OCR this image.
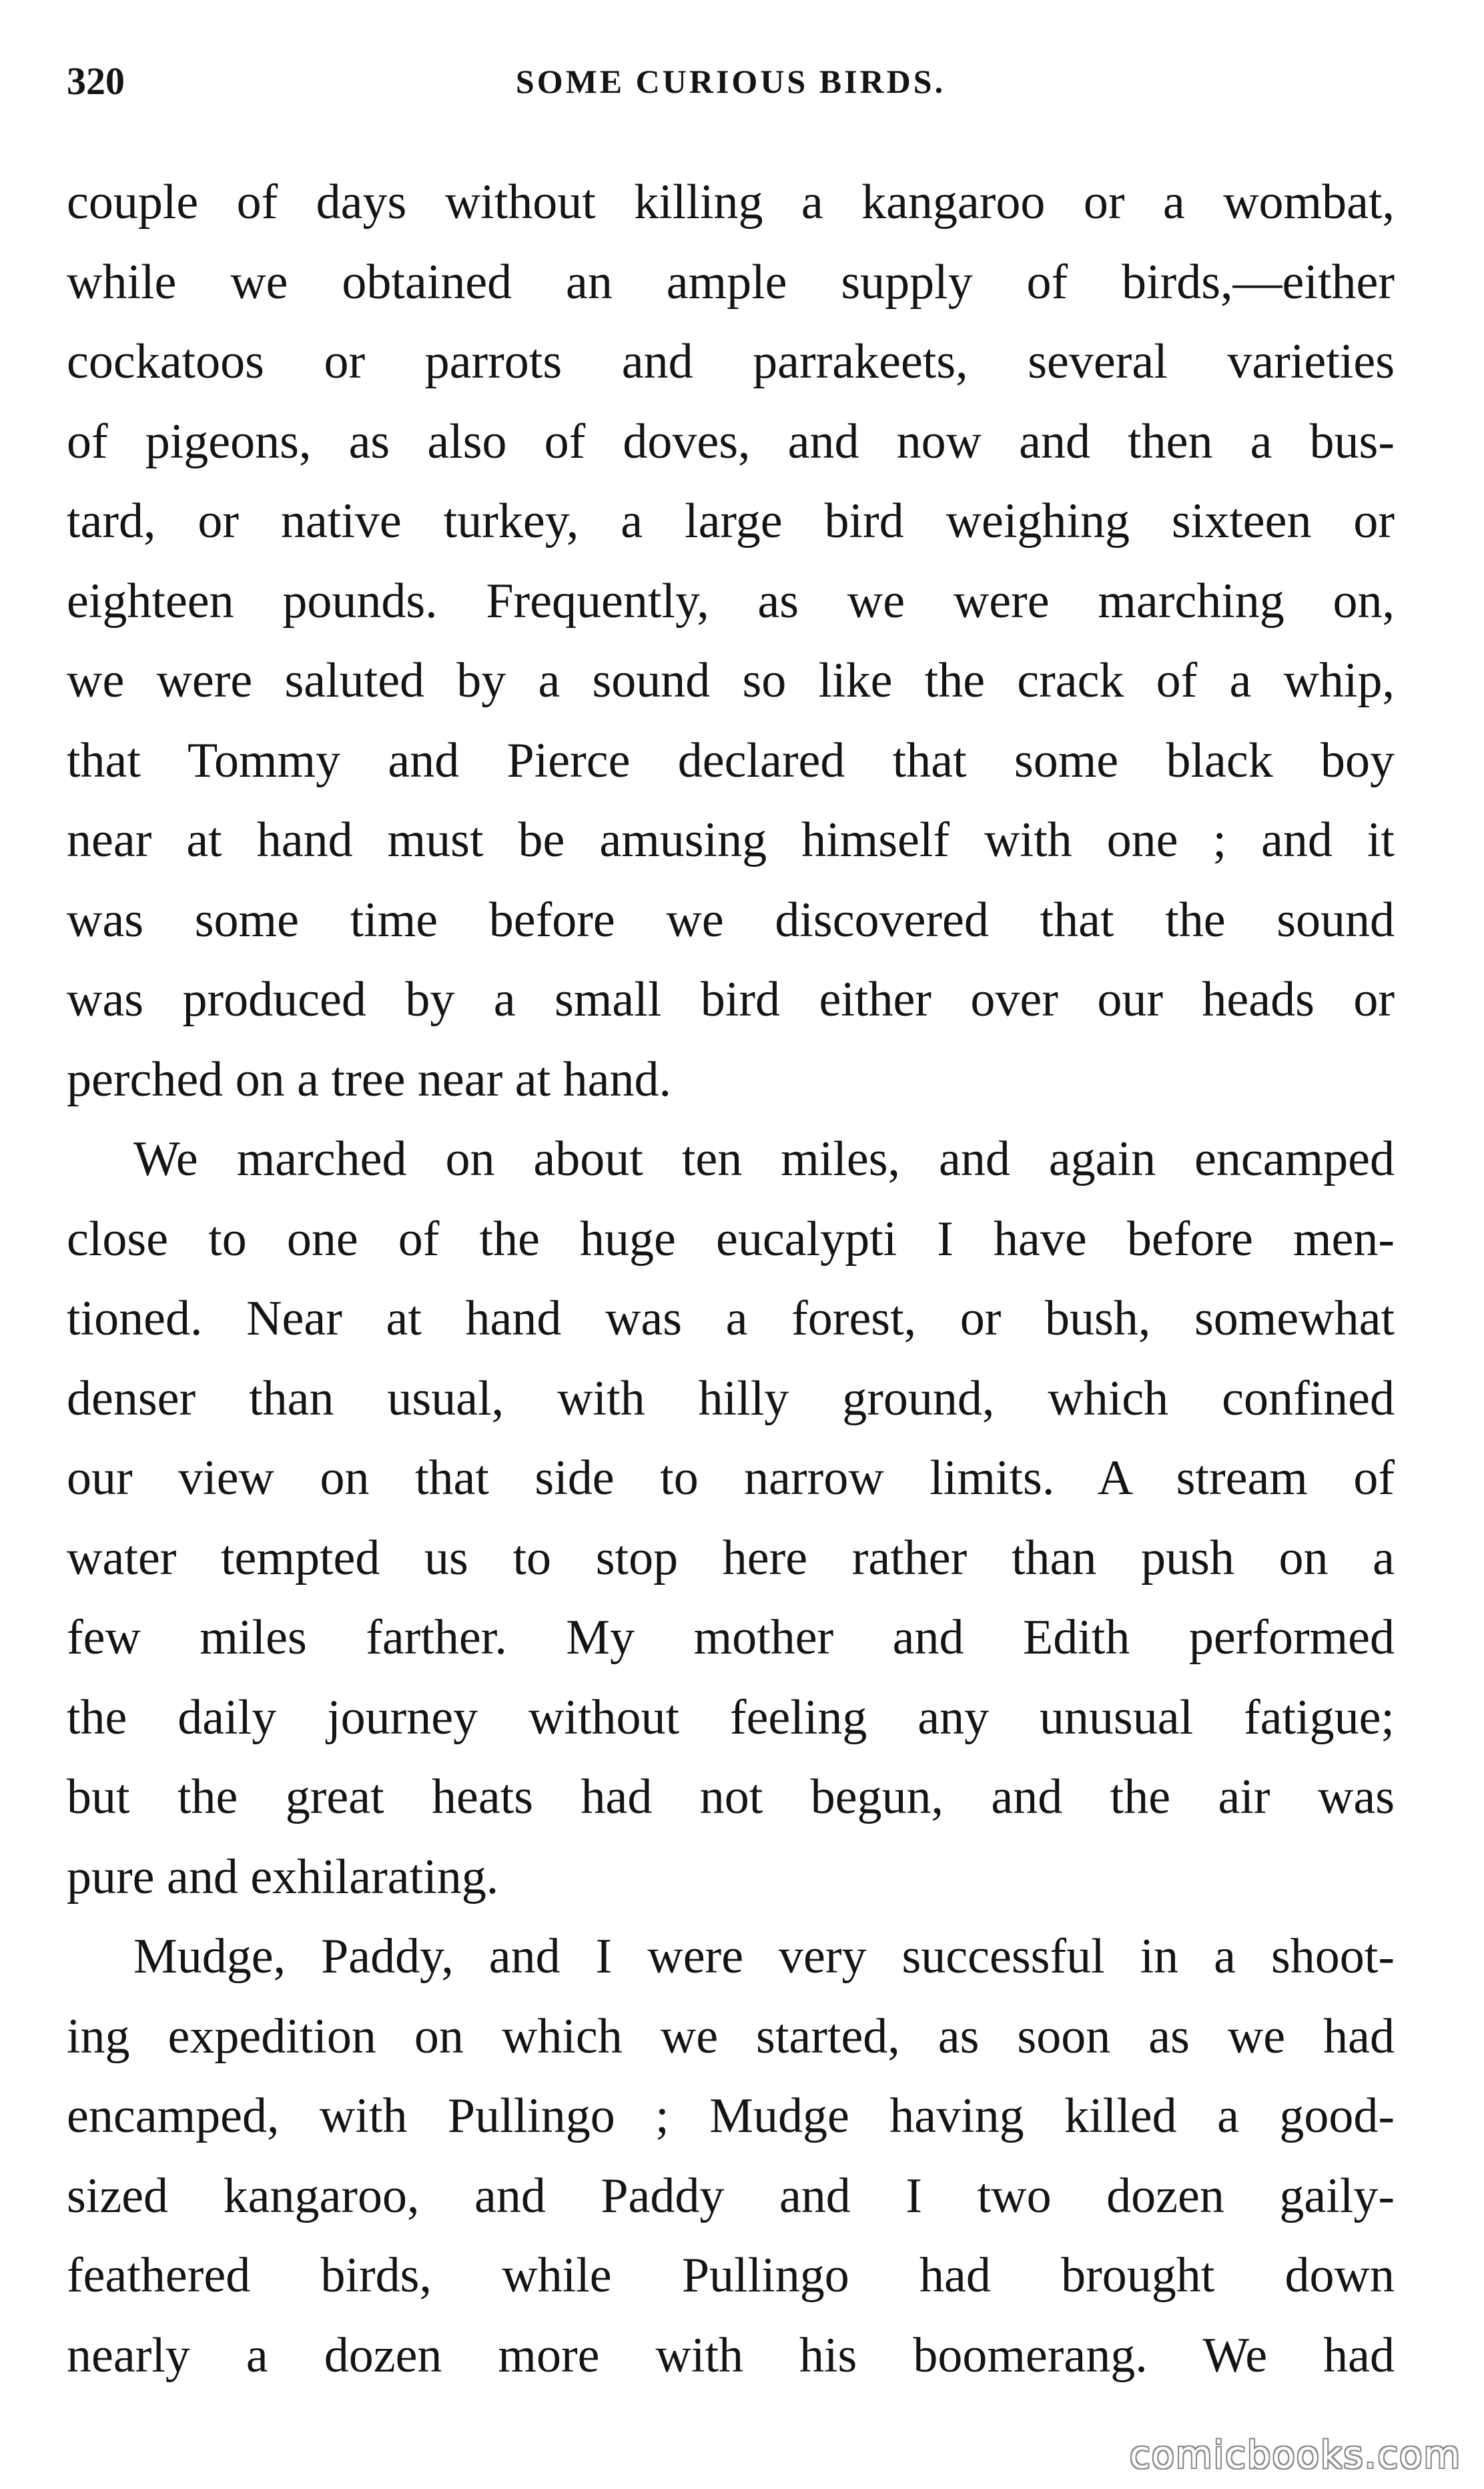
320	SOME CURIOUS BIRDS.
couple of days without killing a kangaroo or a wombat,
while we obtained an ample supply of birds,—either
cockatoos or parrots and parrakeets, several varieties
of pigeons, as also of doves, and now and then a bus-
tard, or native turkey, a large bird weighing sixteen or
eighteen pounds. Frequently, as we were marching on,
we were saluted by a sound so like the crack of a whip,
that Tommy and Pierce declared that some black boy
near at hand must be amusing himself with one ; and it
was some time before we discovered that the sound
was produced by a small bird either over our heads or
perched on a tree near at hand.
We marched on about ten miles, and again encamped
close to one of the huge eucalypti I have before men-
tioned. Near at hand was a forest, or bush, somewhat
denser than usual, with hilly ground, which confined
our view on that side to narrow limits. A stream of
water tempted us to stop here rather than push on a
few miles farther. My mother and Edith performed
the daily journey without feeling any unusual fatigue;
but the great heats had not begun, and the air was
pure and exhilarating.
Mudge, Paddy, and I were very successful in a shoot-
ing expedition on which we started, as soon as we had
encamped, with Pullingo ; Mudge having killed a good-
sized kangaroo, and Paddy and I two dozen gaily-
feathered birds, while Pullingo had brought down
nearly a dozen more with his boomerang. We had
comicbooks.com
